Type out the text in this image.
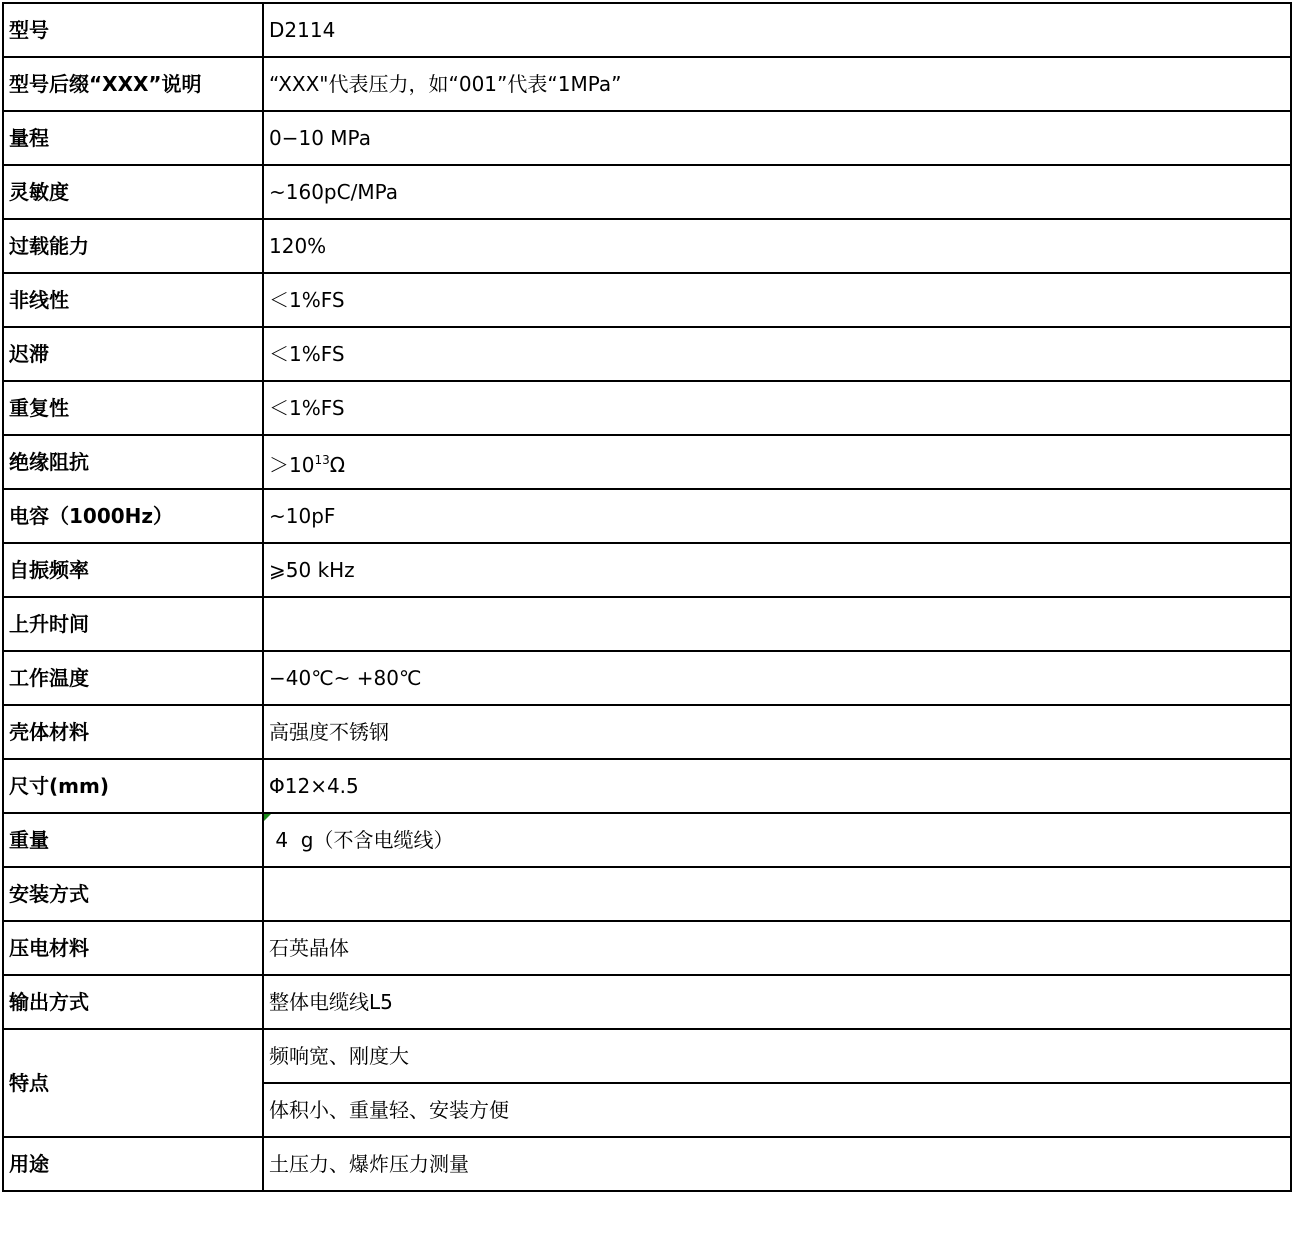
型号	D2114
型号后缀“XXX”说明	“XXX"代表压力，如“001”代表“1MPa”
量程	0−10 MPa
灵敏度	~160pC/MPa
过载能力	120%
非线性	＜1%FS
迟滞	＜1%FS
重复性	＜1%FS
绝缘阻抗	$>10^{13}\Omega$
电容（1000Hz）	~10pF
自振频率	⩾50 kHz
上升时间	
工作温度	−40℃~ +80℃
壳体材料	高强度不锈钢
尺寸(mm)	Φ12×4.5
重量	4  g（不含电缆线）
安装方式	
压电材料	石英晶体
输出方式	整体电缆线L5
特点	频响宽、刚度大
	体积小、重量轻、安装方便
用途	土压力、爆炸压力测量
